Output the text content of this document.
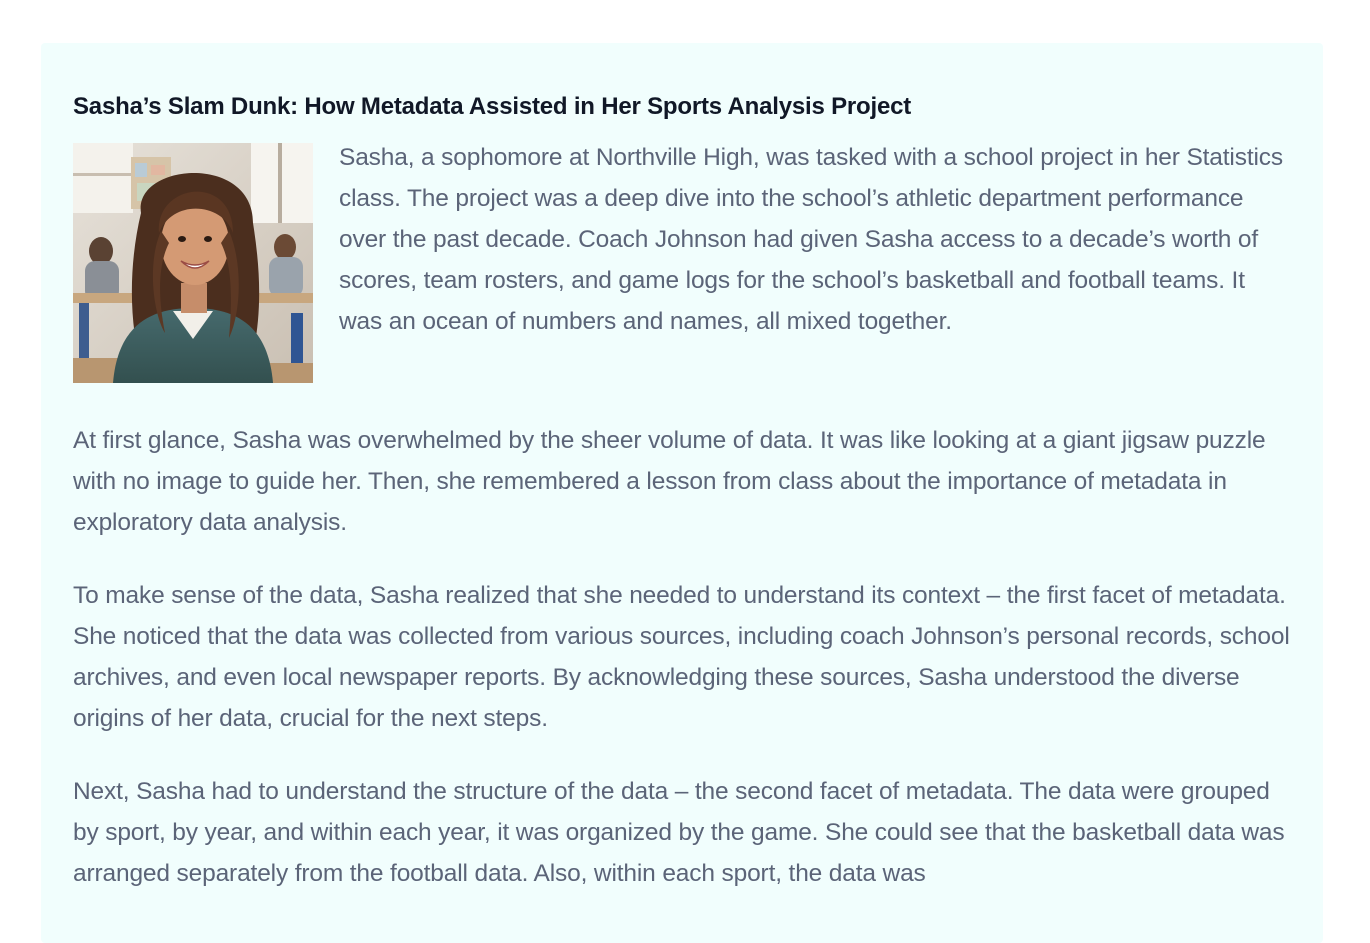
Sasha’s Slam Dunk: How Metadata Assisted in Her Sports Analysis Project

Sasha, a sophomore at Northville High, was tasked with a school project in her Statistics class. The project was a deep dive into the school’s athletic department performance over the past decade. Coach Johnson had given Sasha access to a decade’s worth of scores, team rosters, and game logs for the school’s basketball and football teams. It was an ocean of numbers and names, all mixed together.

At first glance, Sasha was overwhelmed by the sheer volume of data. It was like looking at a giant jigsaw puzzle with no image to guide her. Then, she remembered a lesson from class about the importance of metadata in exploratory data analysis.

To make sense of the data, Sasha realized that she needed to understand its context – the first facet of metadata. She noticed that the data was collected from various sources, including coach Johnson’s personal records, school archives, and even local newspaper reports. By acknowledging these sources, Sasha understood the diverse origins of her data, crucial for the next steps.

Next, Sasha had to understand the structure of the data – the second facet of metadata. The data were grouped by sport, by year, and within each year, it was organized by the game. She could see that the basketball data was arranged separately from the football data. Also, within each sport, the data was
